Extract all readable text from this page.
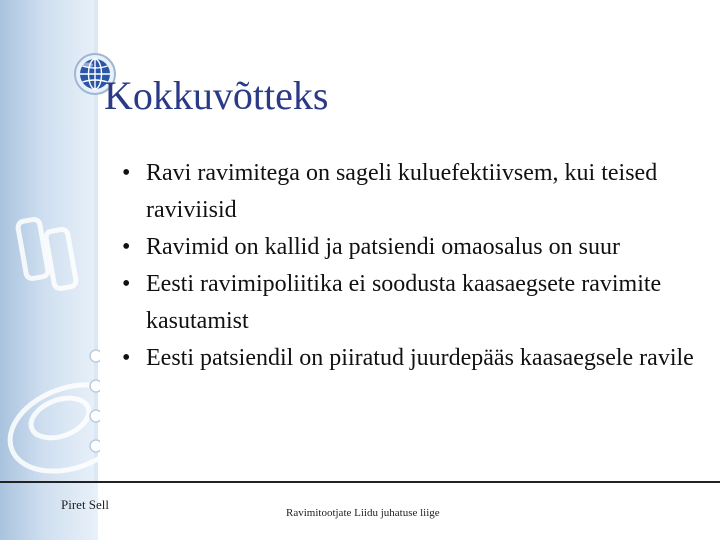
Kokkuvõtteks
• Ravi ravimitega on sageli kuluefektiivsem, kui teised raviviisid
• Ravimid on kallid ja patsiendi omaosalus on suur
• Eesti ravimipoliitika ei soodusta kaasaegsete ravimite kasutamist
• Eesti patsiendil on piiratud juurdepääs kaasaegsele ravile
Piret Sell
Ravimitootjate Liidu juhatuse liige
